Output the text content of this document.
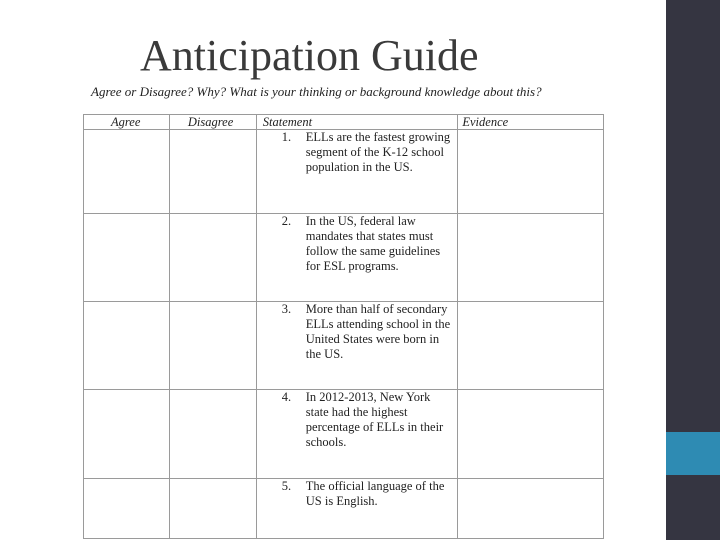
Anticipation Guide
Agree or Disagree? Why? What is your thinking or background knowledge about this?
Agree	Disagree	Statement	Evidence

		1. ELLs are the fastest growing segment of the K-12 school population in the US.	

		2. In the US, federal law mandates that states must follow the same guidelines for ESL programs.	

		3. More than half of secondary ELLs attending school in the United States were born in the US.	

		4. In 2012-2013, New York state had the highest percentage of ELLs in their schools.	

		5. The official language of the US is English.	
